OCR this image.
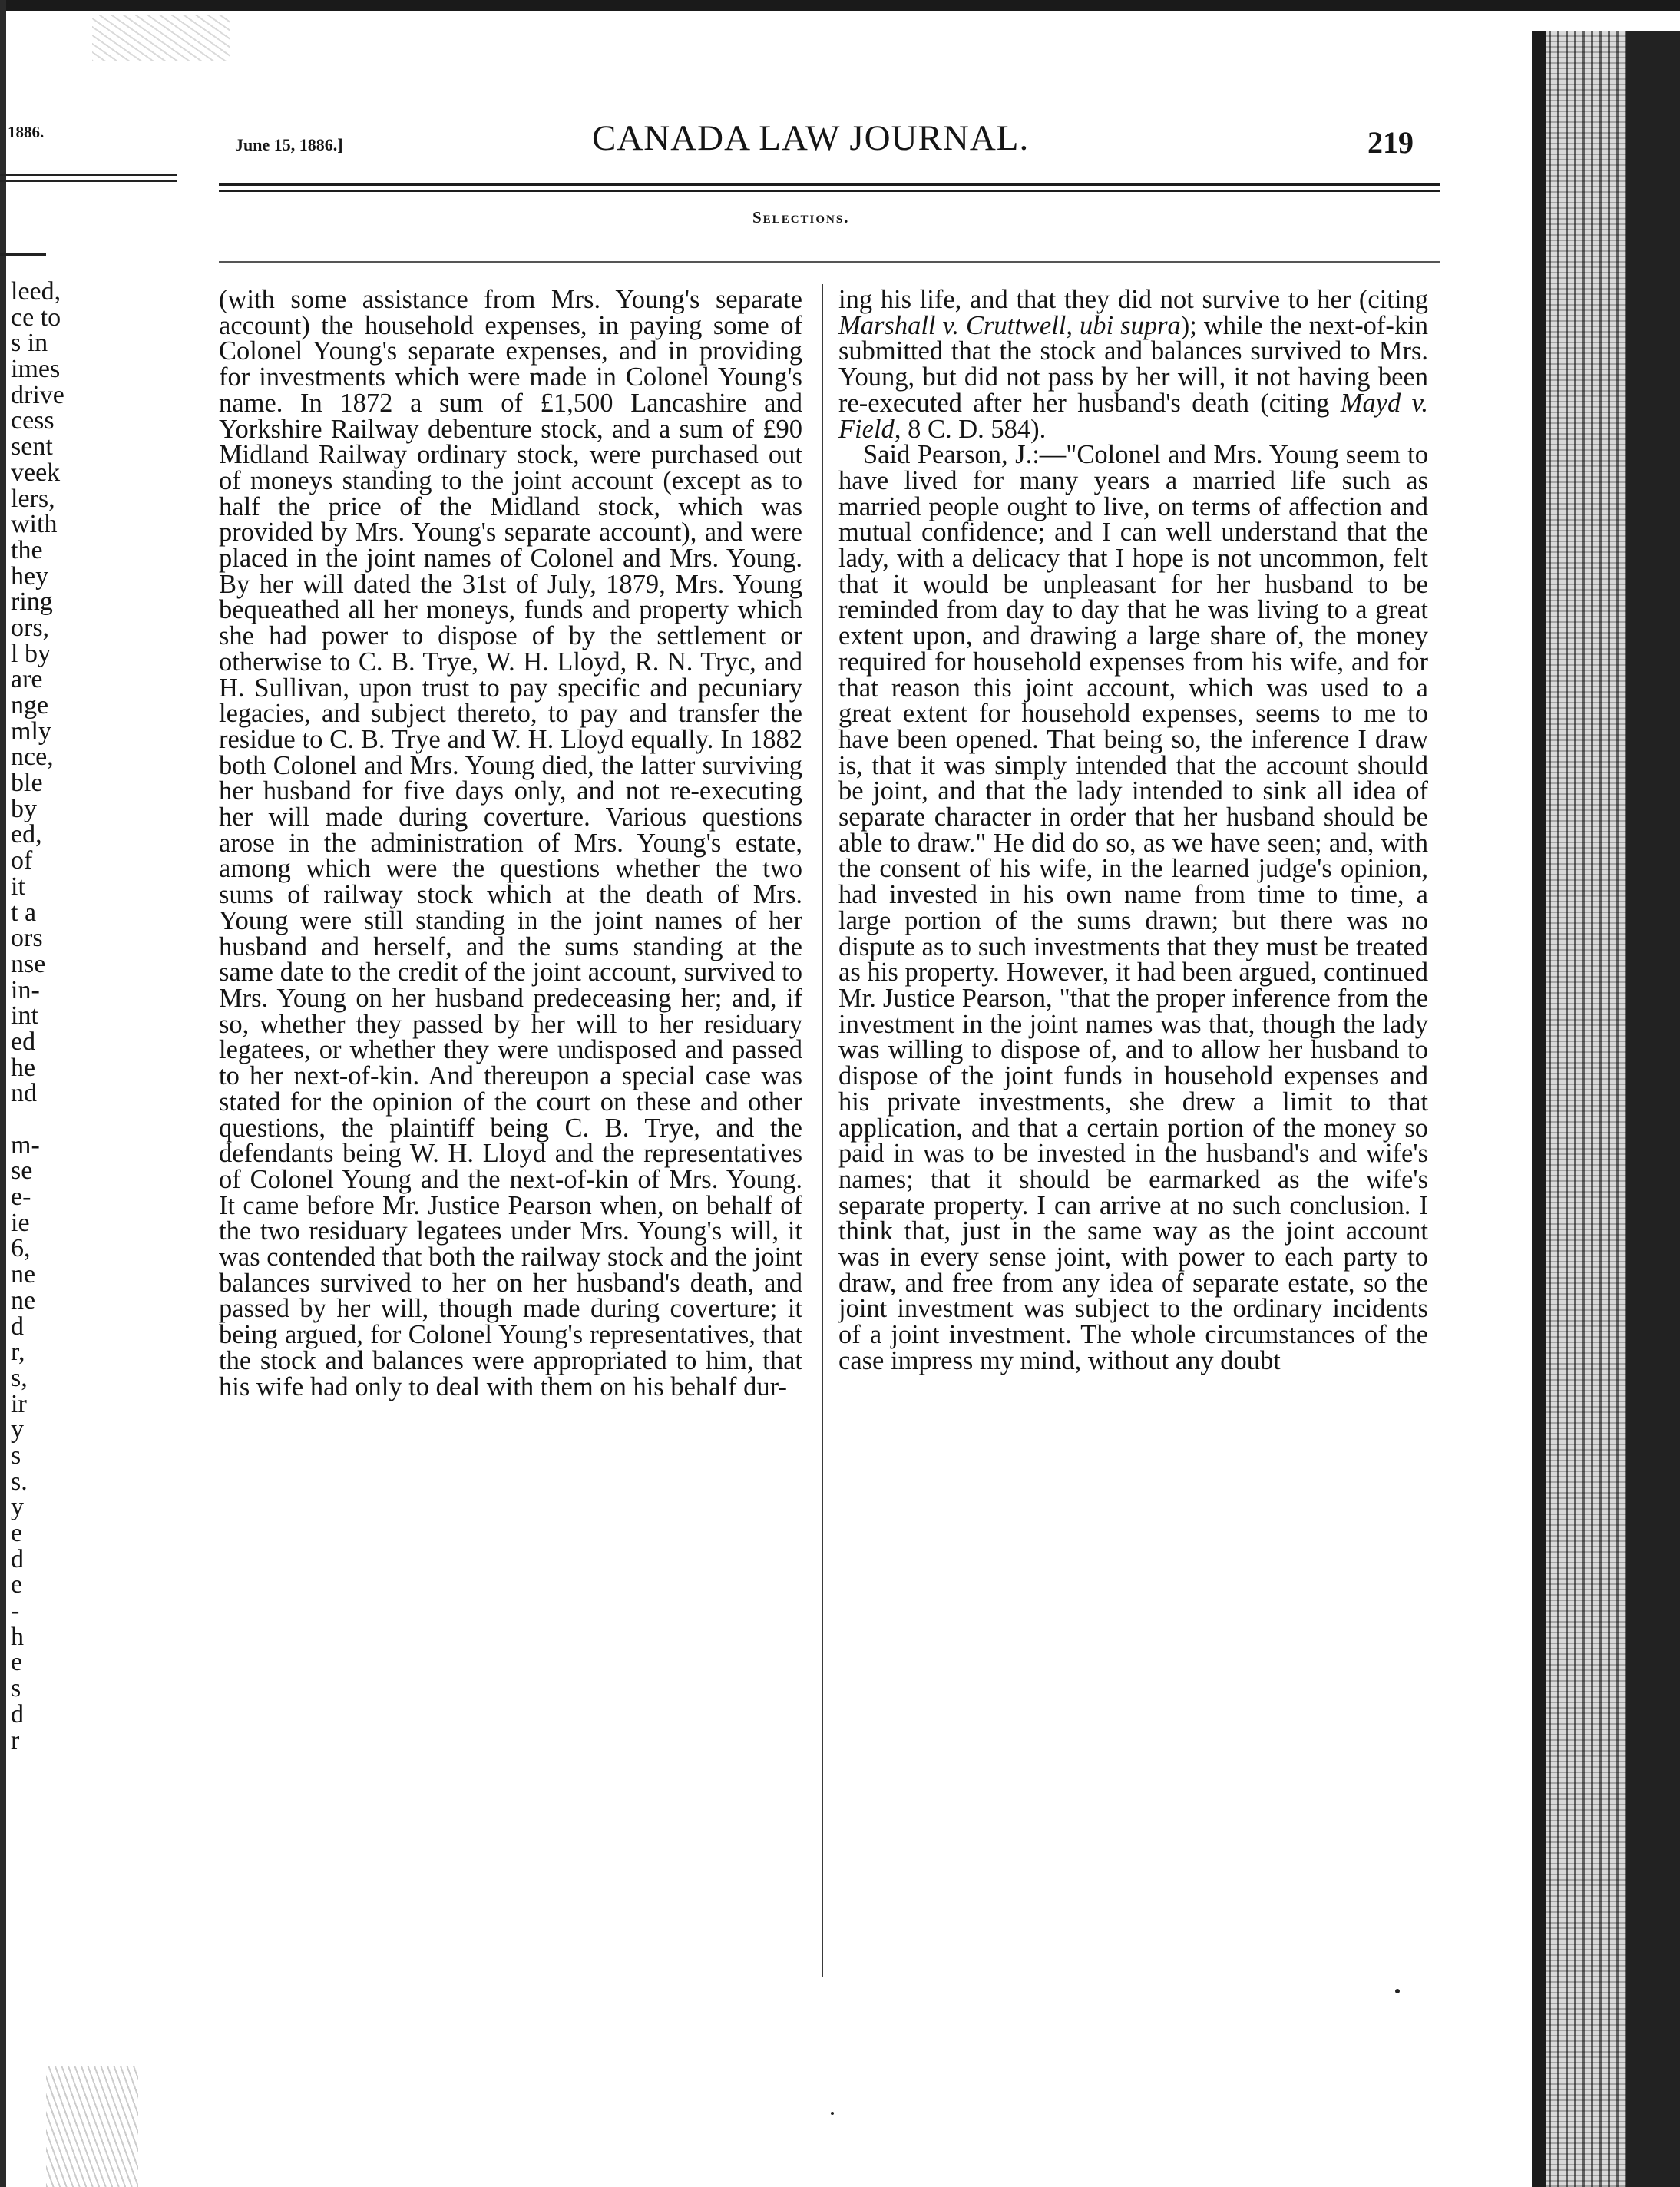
1886.
leed,
ce to
s in
imes
drive
cess
sent
veek
lers,
with
the
hey
ring
ors,
l by
are
nge
mly
nce,
ble
by
ed,
of
it
t a
ors
nse
in-
int
ed
he
nd
m-
se
e-
ie
6,
ne
ne
d
r,
s,
ir
y
s
s.
y
e
d
e
-
h
e
s
d
r
June 15, 1886.]	CANADA LAW JOURNAL.	219
Selections.

(with some assistance from Mrs. Young's separate account) the household expenses, in paying some of Colonel Young's separate expenses, and in providing for investments which were made in Colonel Young's name. In 1872 a sum of £1,500 Lancashire and Yorkshire Railway debenture stock, and a sum of £90 Midland Railway ordinary stock, were purchased out of moneys standing to the joint account (except as to half the price of the Midland stock, which was provided by Mrs. Young's separate account), and were placed in the joint names of Colonel and Mrs. Young. By her will dated the 31st of July, 1879, Mrs. Young bequeathed all her moneys, funds and property which she had power to dispose of by the settlement or otherwise to C. B. Trye, W. H. Lloyd, R. N. Tryc, and H. Sullivan, upon trust to pay specific and pecuniary legacies, and subject thereto, to pay and transfer the residue to C. B. Trye and W. H. Lloyd equally. In 1882 both Colonel and Mrs. Young died, the latter surviving her husband for five days only, and not re-executing her will made during coverture. Various questions arose in the administration of Mrs. Young's estate, among which were the questions whether the two sums of railway stock which at the death of Mrs. Young were still standing in the joint names of her husband and herself, and the sums standing at the same date to the credit of the joint account, survived to Mrs. Young on her husband predeceasing her; and, if so, whether they passed by her will to her residuary legatees, or whether they were undisposed and passed to her next-of-kin. And thereupon a special case was stated for the opinion of the court on these and other questions, the plaintiff being C. B. Trye, and the defendants being W. H. Lloyd and the representatives of Colonel Young and the next-of-kin of Mrs. Young. It came before Mr. Justice Pearson when, on behalf of the two residuary legatees under Mrs. Young's will, it was contended that both the railway stock and the joint balances survived to her on her husband's death, and passed by her will, though made during coverture; it being argued, for Colonel Young's representatives, that the stock and balances were appropriated to him, that his wife had only to deal with them on his behalf dur-

ing his life, and that they did not survive to her (citing Marshall v. Cruttwell, ubi supra); while the next-of-kin submitted that the stock and balances survived to Mrs. Young, but did not pass by her will, it not having been re-executed after her husband's death (citing Mayd v. Field, 8 C. D. 584).

Said Pearson, J.:—"Colonel and Mrs. Young seem to have lived for many years a married life such as married people ought to live, on terms of affection and mutual confidence; and I can well understand that the lady, with a delicacy that I hope is not uncommon, felt that it would be unpleasant for her husband to be reminded from day to day that he was living to a great extent upon, and drawing a large share of, the money required for household expenses from his wife, and for that reason this joint account, which was used to a great extent for household expenses, seems to me to have been opened. That being so, the inference I draw is, that it was simply intended that the account should be joint, and that the lady intended to sink all idea of separate character in order that her husband should be able to draw." He did do so, as we have seen; and, with the consent of his wife, in the learned judge's opinion, had invested in his own name from time to time, a large portion of the sums drawn; but there was no dispute as to such investments that they must be treated as his property. However, it had been argued, continued Mr. Justice Pearson, "that the proper inference from the investment in the joint names was that, though the lady was willing to dispose of, and to allow her husband to dispose of the joint funds in household expenses and his private investments, she drew a limit to that application, and that a certain portion of the money so paid in was to be invested in the husband's and wife's names; that it should be earmarked as the wife's separate property. I can arrive at no such conclusion. I think that, just in the same way as the joint account was in every sense joint, with power to each party to draw, and free from any idea of separate estate, so the joint investment was subject to the ordinary incidents of a joint investment. The whole circumstances of the case impress my mind, without any doubt
